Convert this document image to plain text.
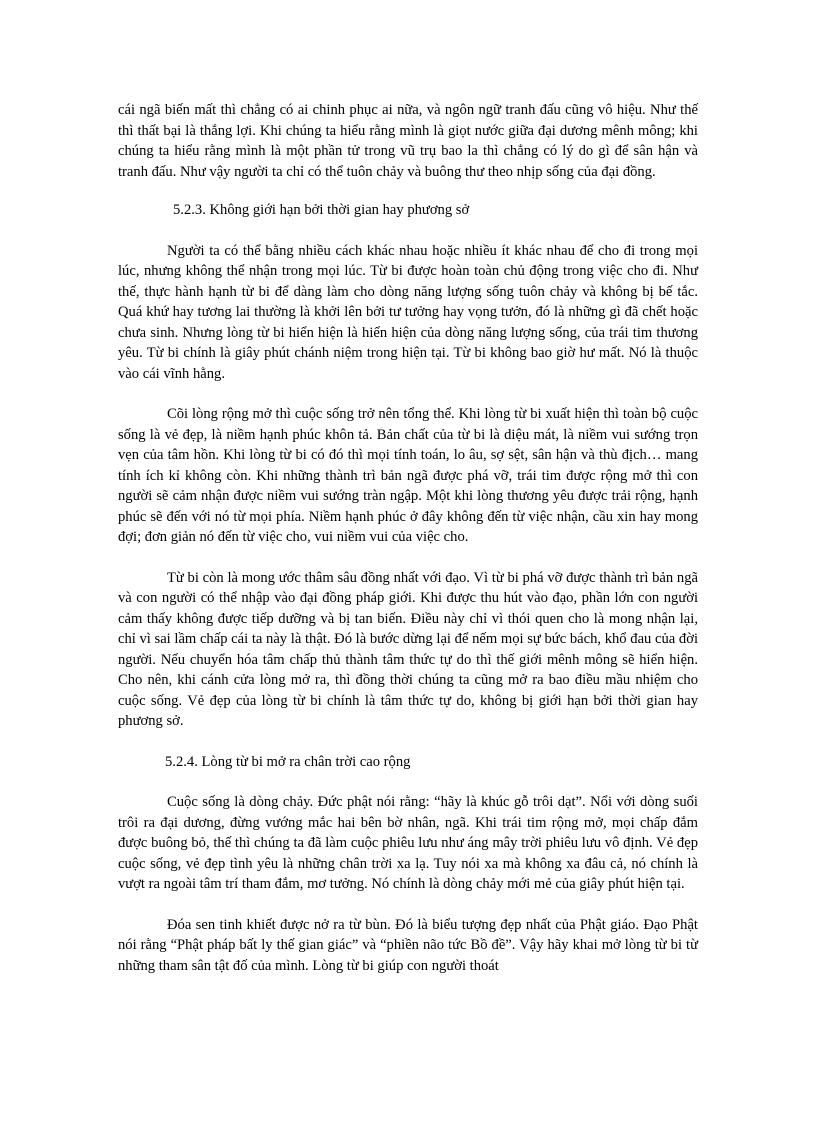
cái ngã biến mất thì chẳng có ai chinh phục ai nữa, và ngôn ngữ tranh đấu cũng vô hiệu. Như thế thì thất bại là thắng lợi. Khi chúng ta hiểu rằng mình là giọt nước giữa đại dương mênh mông; khi chúng ta hiểu rằng mình là một phần tử trong vũ trụ bao la thì chẳng có lý do gì để sân hận và tranh đấu. Như vậy người ta chỉ có thể tuôn chảy và buông thư theo nhịp sống của đại đồng.

5.2.3. Không giới hạn bởi thời gian hay phương sở

Người ta có thể bằng nhiều cách khác nhau hoặc nhiều ít khác nhau để cho đi trong mọi lúc, nhưng không thể nhận trong mọi lúc. Từ bi được hoàn toàn chủ động trong việc cho đi. Như thế, thực hành hạnh từ bi để dàng làm cho dòng năng lượng sống tuôn chảy và không bị bế tắc. Quá khứ hay tương lai thường là khởi lên bởi tư tưởng hay vọng tưởn, đó là những gì đã chết hoặc chưa sinh. Nhưng lòng từ bi hiển hiện là hiển hiện của dòng năng lượng sống, của trái tim thương yêu. Từ bi chính là giây phút chánh niệm trong hiện tại. Từ bi không bao giờ hư mất. Nó là thuộc vào cái vĩnh hằng.

Cõi lòng rộng mở thì cuộc sống trở nên tổng thể. Khi lòng từ bi xuất hiện thì toàn bộ cuộc sống là vẻ đẹp, là niềm hạnh phúc khôn tả. Bản chất của từ bi là diệu mát, là niềm vui sướng trọn vẹn của tâm hồn. Khi lòng từ bi có đó thì mọi tính toán, lo âu, sợ sệt, sân hận và thù địch… mang tính ích kỉ không còn. Khi những thành trì bản ngã được phá vỡ, trái tim được rộng mở thì con người sẽ cảm nhận được niềm vui sướng tràn ngập. Một khi lòng thương yêu được trải rộng, hạnh phúc sẽ đến với nó từ mọi phía. Niềm hạnh phúc ở đây không đến từ việc nhận, cầu xin hay mong đợi; đơn giản nó đến từ việc cho, vui niềm vui của việc cho.

Từ bi còn là mong ước thâm sâu đồng nhất với đạo. Vì từ bi phá vỡ được thành trì bản ngã và con người có thể nhập vào đại đồng pháp giới. Khi được thu hút vào đạo, phần lớn con người cảm thấy không được tiếp dưỡng và bị tan biến. Điều này chỉ vì thói quen cho là mong nhận lại, chỉ vì sai lầm chấp cái ta này là thật. Đó là bước dừng lại để nếm mọi sự bức bách, khổ đau của đời người. Nếu chuyển hóa tâm chấp thủ thành tâm thức tự do thì thế giới mênh mông sẽ hiển hiện. Cho nên, khi cánh cửa lòng mở ra, thì đồng thời chúng ta cũng mở ra bao điều mầu nhiệm cho cuộc sống. Vẻ đẹp của lòng từ bi chính là tâm thức tự do, không bị giới hạn bởi thời gian hay phương sở.

5.2.4. Lòng từ bi mở ra chân trời cao rộng

Cuộc sống là dòng chảy. Đức phật nói rằng: “hãy là khúc gỗ trôi dạt”. Nổi với dòng suối trôi ra đại dương, đừng vướng mắc hai bên bờ nhân, ngã. Khi trái tim rộng mở, mọi chấp đắm được buông bỏ, thế thì chúng ta đã làm cuộc phiêu lưu như áng mây trời phiêu lưu vô định. Vẻ đẹp cuộc sống, vẻ đẹp tình yêu là những chân trời xa lạ. Tuy nói xa mà không xa đâu cả, nó chính là vượt ra ngoài tâm trí tham đắm, mơ tưởng. Nó chính là dòng chảy mới mẻ của giây phút hiện tại.

Đóa sen tinh khiết được nở ra từ bùn. Đó là biểu tượng đẹp nhất của Phật giáo. Đạo Phật nói rằng “Phật pháp bất ly thế gian giác” và “phiền não tức Bồ đề”. Vậy hãy khai mở lòng từ bi từ những tham sân tật đố của mình. Lòng từ bi giúp con người thoát
